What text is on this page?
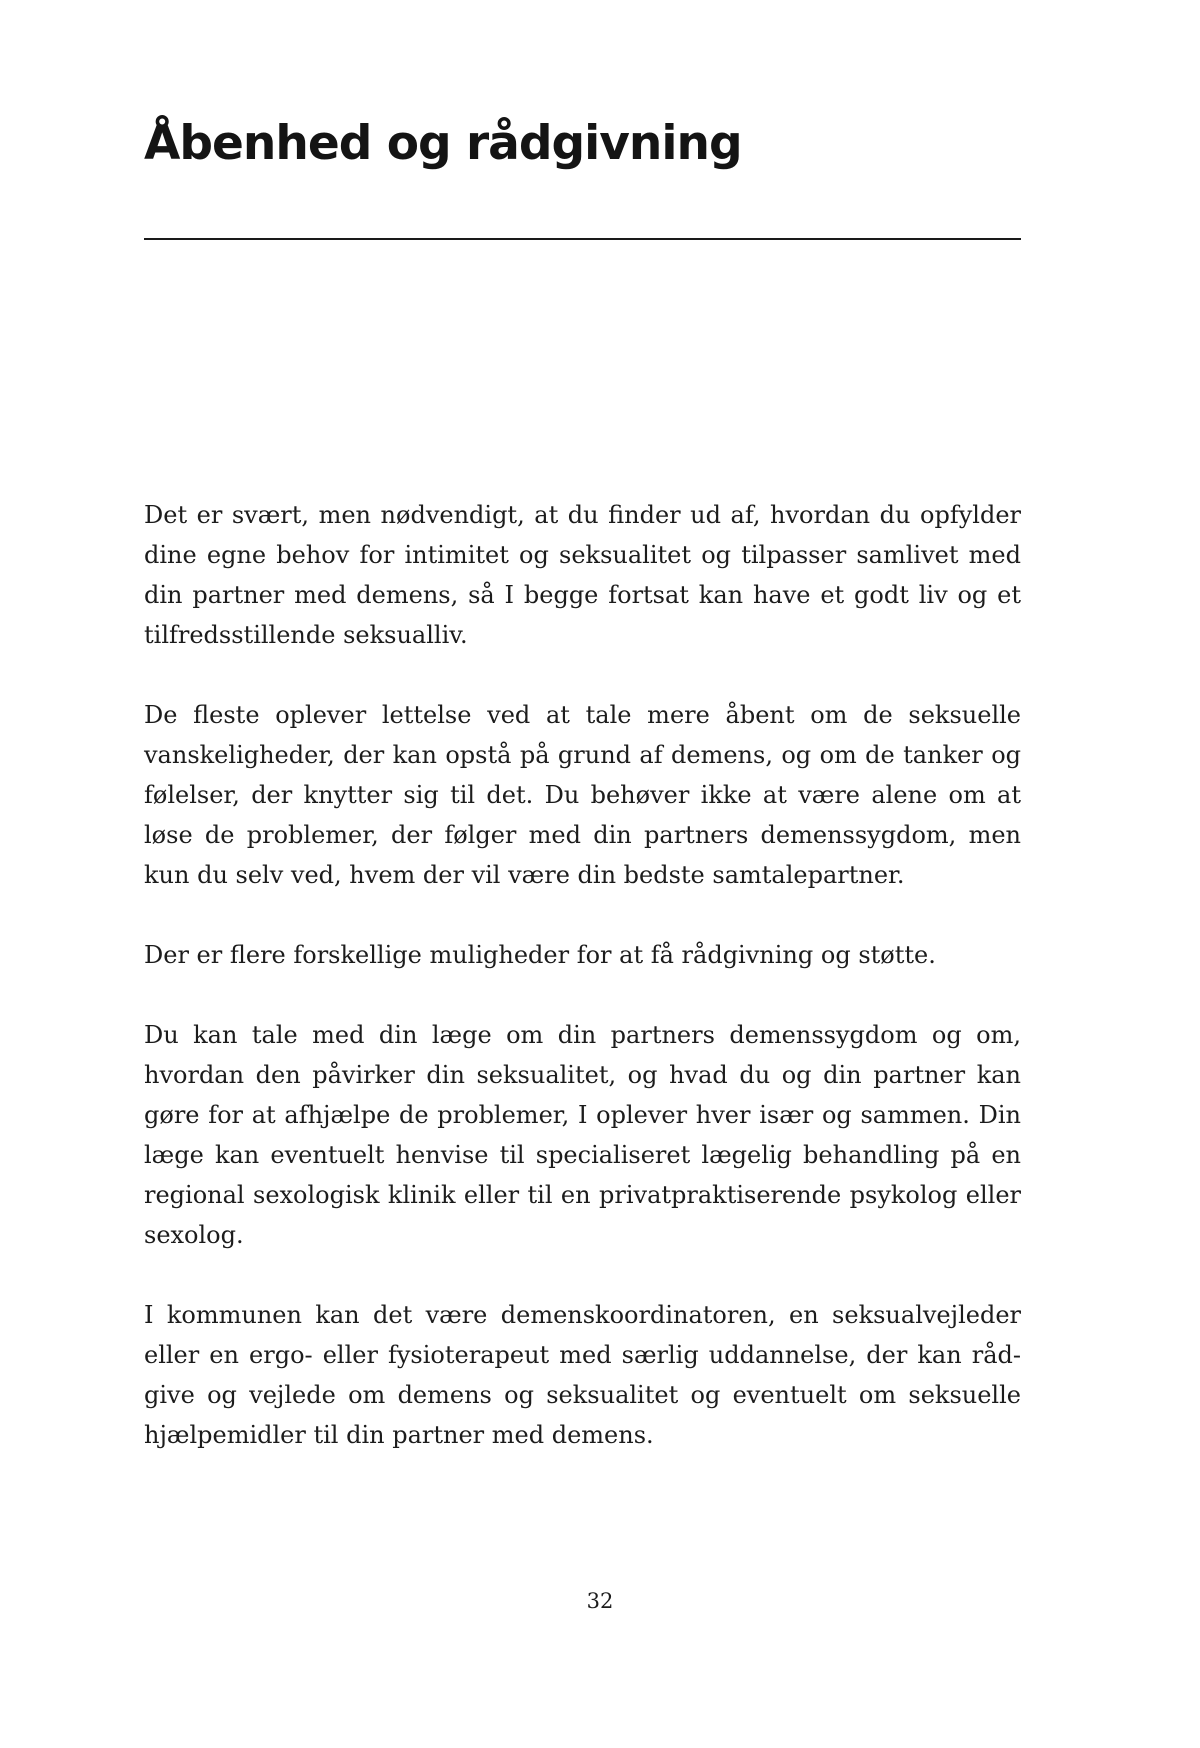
Åbenhed og rådgivning

Det er svært, men nødvendigt, at du finder ud af, hvordan du opfylder dine egne behov for intimitet og seksualitet og tilpasser samlivet med din partner med demens, så I begge fortsat kan have et godt liv og et tilfredsstillende seksualliv.

De fleste oplever lettelse ved at tale mere åbent om de seksuelle vanskeligheder, der kan opstå på grund af demens, og om de tanker og følelser, der knytter sig til det. Du behøver ikke at være alene om at løse de problemer, der følger med din partners demenssygdom, men kun du selv ved, hvem der vil være din bedste samtalepartner.

Der er flere forskellige muligheder for at få rådgivning og støtte.

Du kan tale med din læge om din partners demenssygdom og om, hvordan den påvirker din seksualitet, og hvad du og din partner kan gøre for at afhjælpe de problemer, I oplever hver især og sammen. Din læge kan eventuelt henvise til specialiseret lægelig behandling på en regional sexologisk klinik eller til en privatpraktiserende psykolog eller sexolog.

I kommunen kan det være demenskoordinatoren, en seksualvejleder eller en ergo- eller fysioterapeut med særlig uddannelse, der kan rådgive og vejlede om demens og seksualitet og eventuelt om seksuelle hjælpemidler til din partner med demens.

32
